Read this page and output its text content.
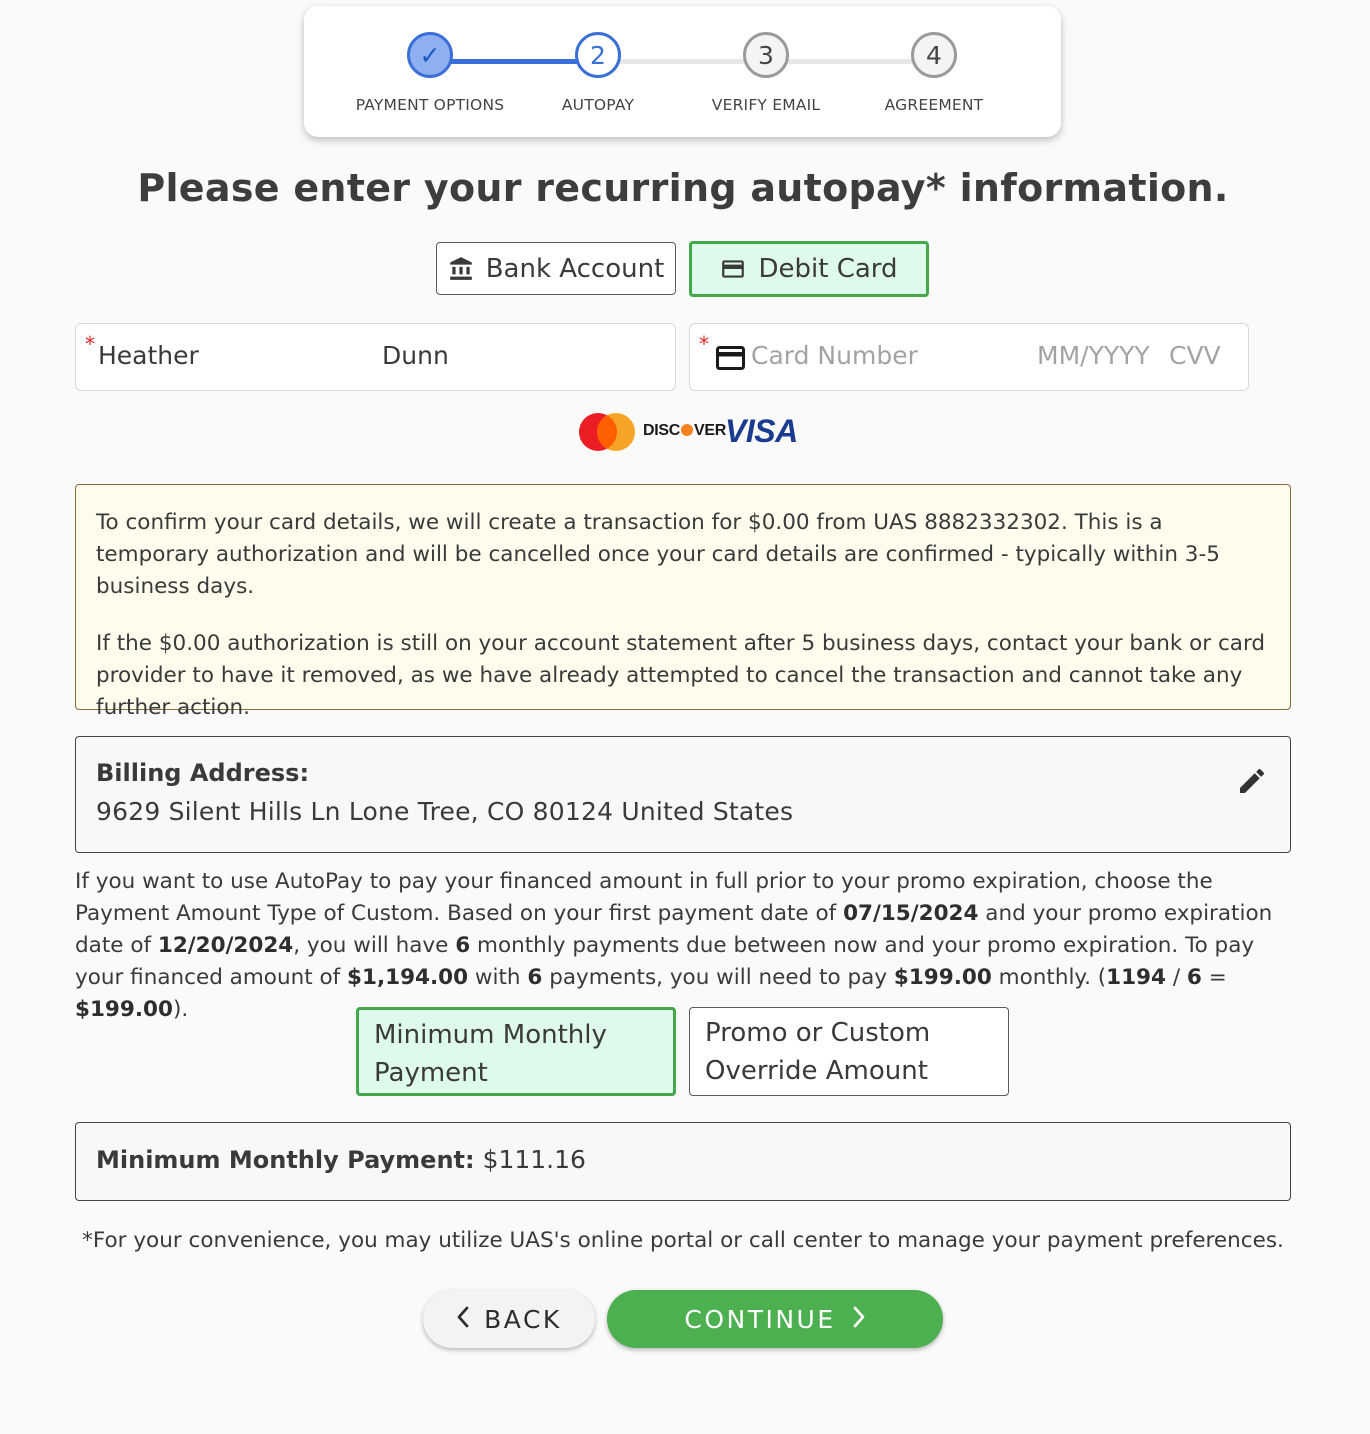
✓
PAYMENT OPTIONS
2
AUTOPAY
3
VERIFY EMAIL
4
AGREEMENT
Please enter your recurring autopay* information.
Bank Account	Debit Card
* Heather	Dunn	* Card Number	MM/YYYY CVV
DISC VER
VISA

To confirm your card details, we will create a transaction for $0.00 from UAS 8882332302. This is a temporary authorization and will be cancelled once your card details are confirmed - typically within 3-5 business days.

If the $0.00 authorization is still on your account statement after 5 business days, contact your bank or card provider to have it removed, as we have already attempted to cancel the transaction and cannot take any further action.

Billing Address:
9629 Silent Hills Ln Lone Tree, CO 80124 United States
If you want to use AutoPay to pay your financed amount in full prior to your promo expiration, choose the Payment Amount Type of Custom. Based on your first payment date of 07/15/2024 and your promo expiration date of 12/20/2024, you will have 6 monthly payments due between now and your promo expiration. To pay your financed amount of $1,194.00 with 6 payments, you will need to pay $199.00 monthly. (1194 / 6 = $199.00).
Minimum Monthly
Payment
Promo or Custom
Override Amount
Minimum Monthly Payment: $111.16
*For your convenience, you may utilize UAS's online portal or call center to manage your payment preferences.
BACK	CONTINUE
